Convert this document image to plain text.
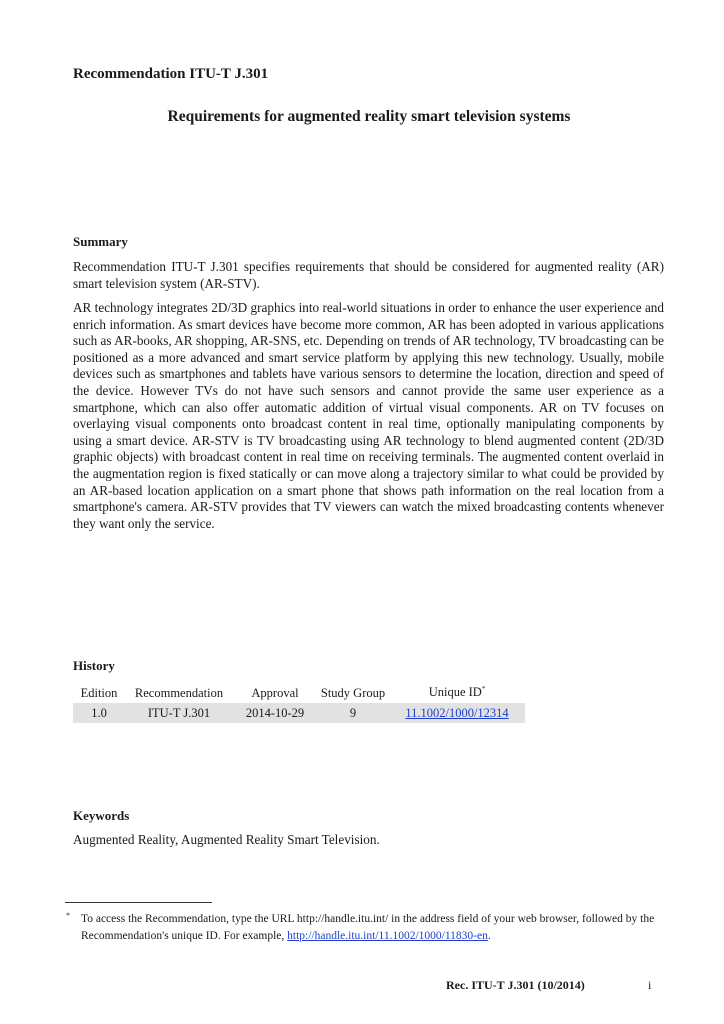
Recommendation ITU-T J.301
Requirements for augmented reality smart television systems
Summary
Recommendation ITU-T J.301 specifies requirements that should be considered for augmented reality (AR) smart television system (AR-STV).
AR technology integrates 2D/3D graphics into real-world situations in order to enhance the user experience and enrich information. As smart devices have become more common, AR has been adopted in various applications such as AR-books, AR shopping, AR-SNS, etc. Depending on trends of AR technology, TV broadcasting can be positioned as a more advanced and smart service platform by applying this new technology. Usually, mobile devices such as smartphones and tablets have various sensors to determine the location, direction and speed of the device. However TVs do not have such sensors and cannot provide the same user experience as a smartphone, which can also offer automatic addition of virtual visual components. AR on TV focuses on overlaying visual components onto broadcast content in real time, optionally manipulating components by using a smart device. AR-STV is TV broadcasting using AR technology to blend augmented content (2D/3D graphic objects) with broadcast content in real time on receiving terminals. The augmented content overlaid in the augmentation region is fixed statically or can move along a trajectory similar to what could be provided by an AR-based location application on a smart phone that shows path information on the real location from a smartphone's camera. AR-STV provides that TV viewers can watch the mixed broadcasting contents whenever they want only the service.
History
Edition	Recommendation	Approval	Study Group	Unique ID*
1.0	ITU-T J.301	2014-10-29	9	11.1002/1000/12314
Keywords
Augmented Reality, Augmented Reality Smart Television.
* To access the Recommendation, type the URL http://handle.itu.int/ in the address field of your web browser, followed by the Recommendation's unique ID. For example, http://handle.itu.int/11.1002/1000/11830-en.
Rec. ITU-T J.301 (10/2014)	i
